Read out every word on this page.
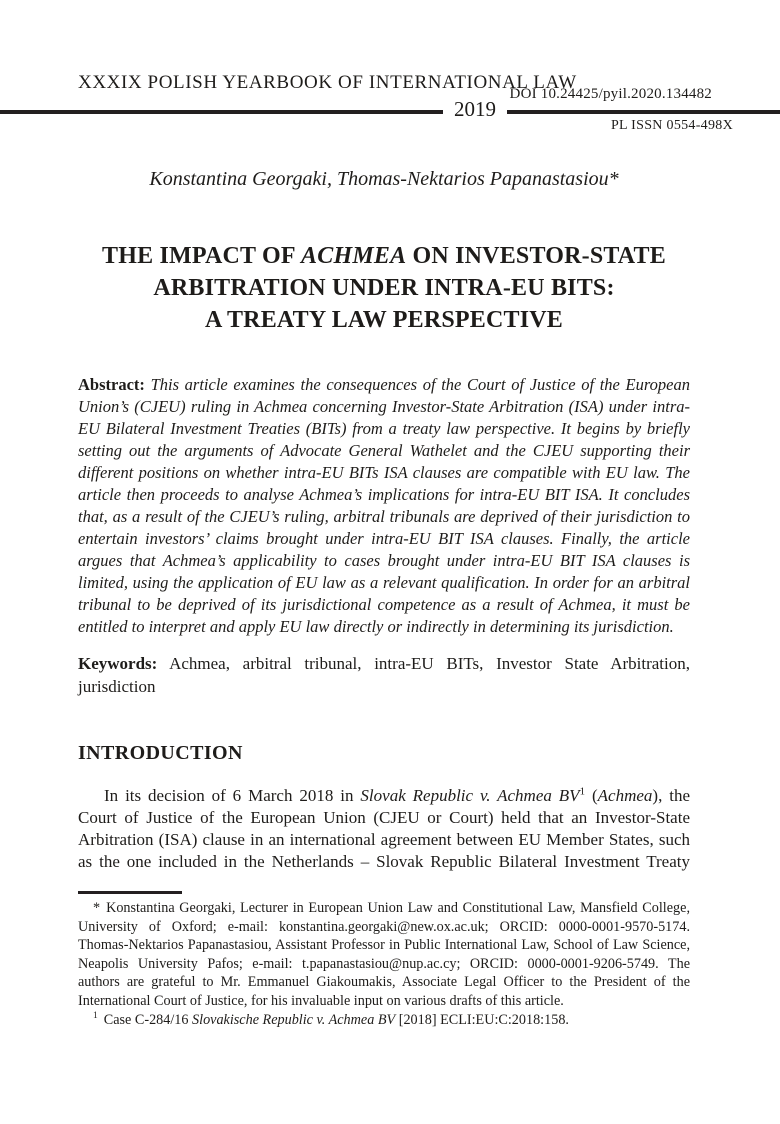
XXXIX POLISH YEARBOOK OF INTERNATIONAL LAW
DOI 10.24425/pyil.2020.134482
2019
PL ISSN 0554-498X
Konstantina Georgaki, Thomas-Nektarios Papanastasiou*
THE IMPACT OF ACHMEA ON INVESTOR-STATE
ARBITRATION UNDER INTRA-EU BITS:
A TREATY LAW PERSPECTIVE

Abstract: This article examines the consequences of the Court of Justice of the European Union’s (CJEU) ruling in Achmea concerning Investor-State Arbitration (ISA) under intra-EU Bilateral Investment Treaties (BITs) from a treaty law perspective. It begins by briefly setting out the arguments of Advocate General Wathelet and the CJEU supporting their different positions on whether intra-EU BITs ISA clauses are compatible with EU law. The article then proceeds to analyse Achmea’s implications for intra-EU BIT ISA. It concludes that, as a result of the CJEU’s ruling, arbitral tribunals are deprived of their jurisdiction to entertain investors’ claims brought under intra-EU BIT ISA clauses. Finally, the article argues that Achmea’s applicability to cases brought under intra-EU BIT ISA clauses is limited, using the application of EU law as a relevant qualification. In order for an arbitral tribunal to be deprived of its jurisdictional competence as a result of Achmea, it must be entitled to interpret and apply EU law directly or indirectly in determining its jurisdiction.

Keywords: Achmea, arbitral tribunal, intra-EU BITs, Investor State Arbitration, jurisdiction

INTRODUCTION

In its decision of 6 March 2018 in Slovak Republic v. Achmea $BV^1$ (Achmea), the Court of Justice of the European Union (CJEU or Court) held that an Investor-State Arbitration (ISA) clause in an international agreement between EU Member States, such as the one included in the Netherlands – Slovak Republic Bilateral Investment Treaty

* Konstantina Georgaki, Lecturer in European Union Law and Constitutional Law, Mansfield College, University of Oxford; e-mail: konstantina.georgaki@new.ox.ac.uk; ORCID: 0000-0001-9570-5174. Thomas-Nektarios Papanastasiou, Assistant Professor in Public International Law, School of Law Science, Neapolis University Pafos; e-mail: t.papanastasiou@nup.ac.cy; ORCID: 0000-0001-9206-5749. The authors are grateful to Mr. Emmanuel Giakoumakis, Associate Legal Officer to the President of the International Court of Justice, for his invaluable input on various drafts of this article.

$^1$ Case C-284/16 Slovakische Republic v. Achmea BV [2018] ECLI:EU:C:2018:158.
